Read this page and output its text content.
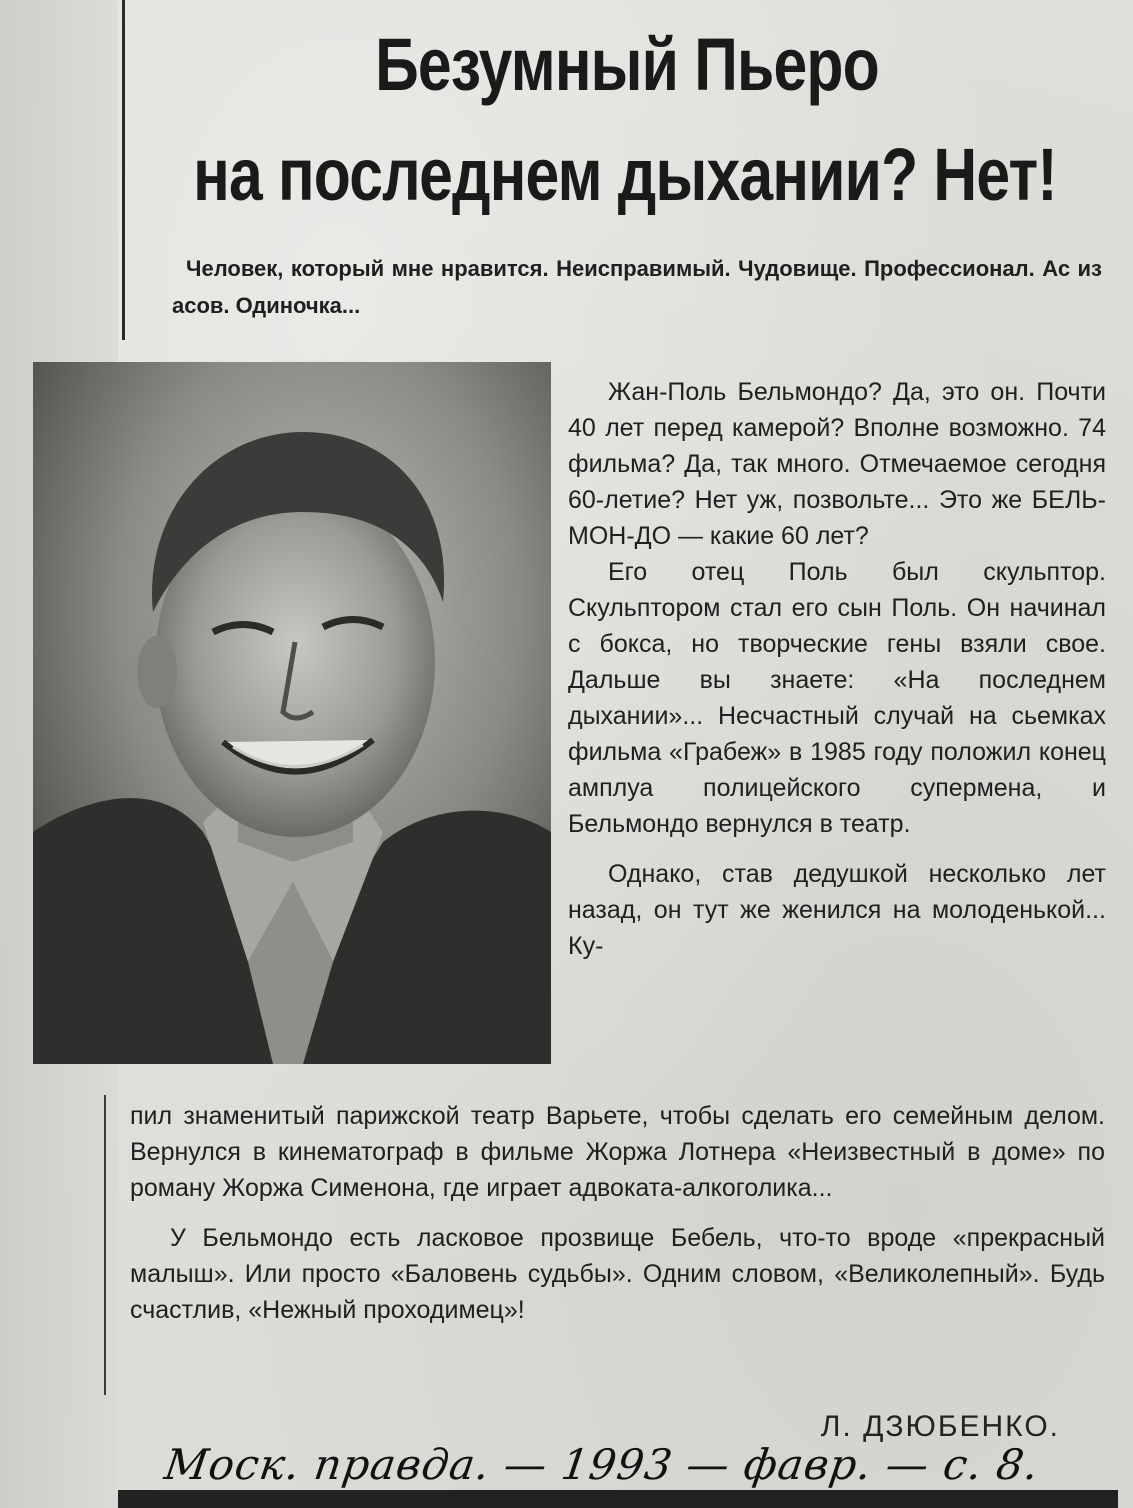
Безумный Пьеро
на последнем дыхании? Нет!
Человек, который мне нравится. Неисправимый. Чудовище. Профессионал. Ас из асов. Одиночка...

Жан-Поль Бельмондо? Да, это он. Почти 40 лет перед камерой? Вполне возможно. 74 фильма? Да, так много. Отмечаемое сегодня 60-летие? Нет уж, позвольте... Это же БЕЛЬ-МОН-ДО — какие 60 лет?

Его отец Поль был скульптор. Скульптором стал его сын Поль. Он начинал с бокса, но творческие гены взяли свое. Дальше вы знаете: «На последнем дыхании»... Несчастный случай на сьемках фильма «Грабеж» в 1985 году положил конец амплуа полицейского супермена, и Бельмондо вернулся в театр.

Однако, став дедушкой несколько лет назад, он тут же женился на молоденькой... Ку-

пил знаменитый парижской театр Варьете, чтобы сделать его семейным делом. Вернулся в кинематограф в фильме Жоржа Лотнера «Неизвестный в доме» по роману Жоржа Сименона, где играет адвоката-алкоголика...

У Бельмондо есть ласковое прозвище Бебель, что-то вроде «прекрасный малыш». Или просто «Баловень судьбы». Одним словом, «Великолепный». Будь счастлив, «Нежный проходимец»!

Л. ДЗЮБЕНКО.
Моск. правда. — 1993 — фавр. — с. 8.
